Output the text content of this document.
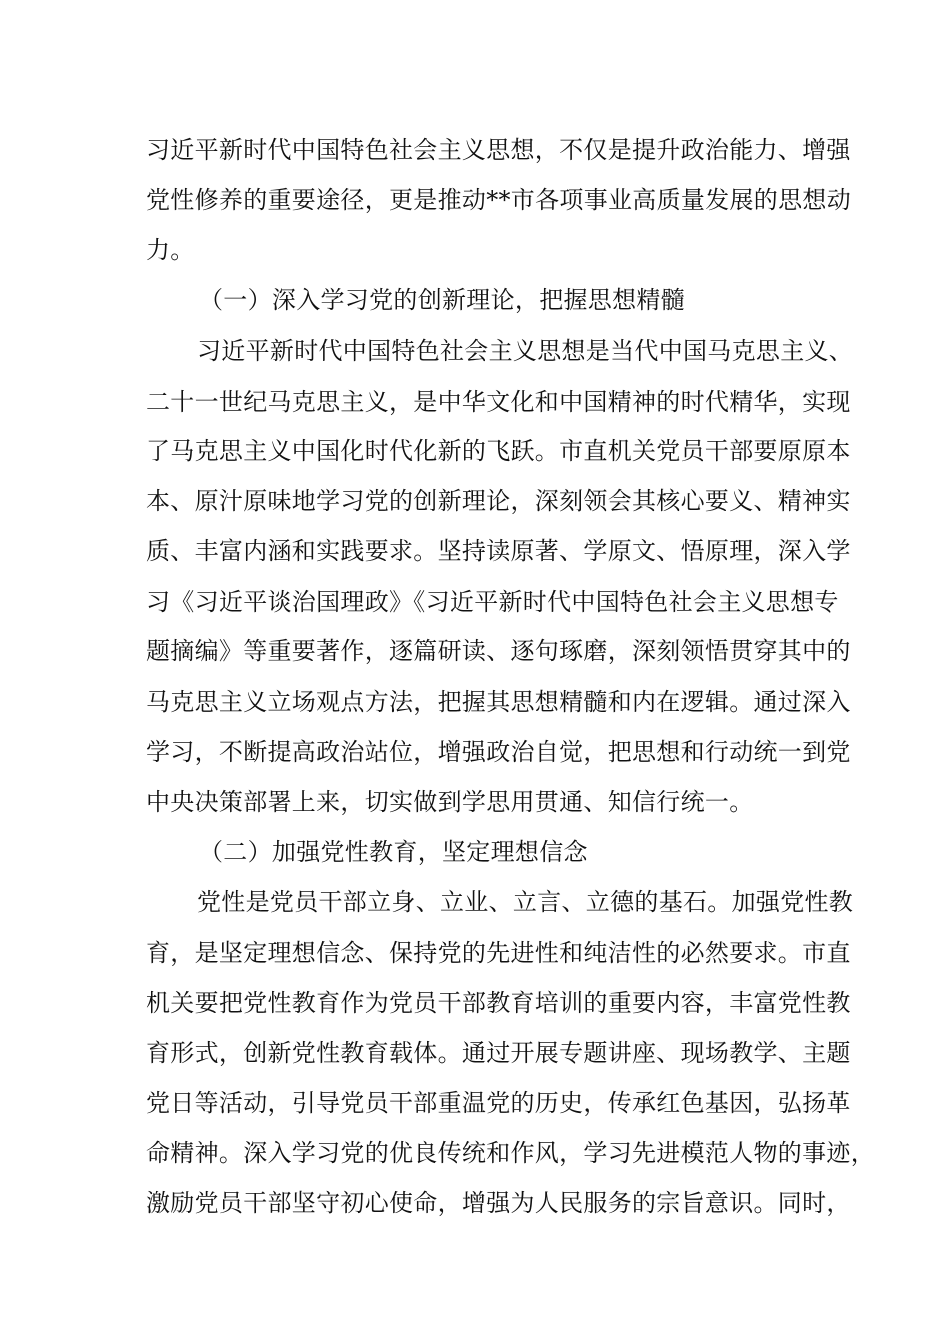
习近平新时代中国特色社会主义思想，不仅是提升政治能力、增强
党性修养的重要途径，更是推动**市各项事业高质量发展的思想动
力。
（一）深入学习党的创新理论，把握思想精髓
习近平新时代中国特色社会主义思想是当代中国马克思主义、
二十一世纪马克思主义，是中华文化和中国精神的时代精华，实现
了马克思主义中国化时代化新的飞跃。市直机关党员干部要原原本
本、原汁原味地学习党的创新理论，深刻领会其核心要义、精神实
质、丰富内涵和实践要求。坚持读原著、学原文、悟原理，深入学
习《习近平谈治国理政》《习近平新时代中国特色社会主义思想专
题摘编》等重要著作，逐篇研读、逐句琢磨，深刻领悟贯穿其中的
马克思主义立场观点方法，把握其思想精髓和内在逻辑。通过深入
学习，不断提高政治站位，增强政治自觉，把思想和行动统一到党
中央决策部署上来，切实做到学思用贯通、知信行统一。
（二）加强党性教育，坚定理想信念
党性是党员干部立身、立业、立言、立德的基石。加强党性教
育，是坚定理想信念、保持党的先进性和纯洁性的必然要求。市直
机关要把党性教育作为党员干部教育培训的重要内容，丰富党性教
育形式，创新党性教育载体。通过开展专题讲座、现场教学、主题
党日等活动，引导党员干部重温党的历史，传承红色基因，弘扬革
命精神。深入学习党的优良传统和作风，学习先进模范人物的事迹，
激励党员干部坚守初心使命，增强为人民服务的宗旨意识。同时，
